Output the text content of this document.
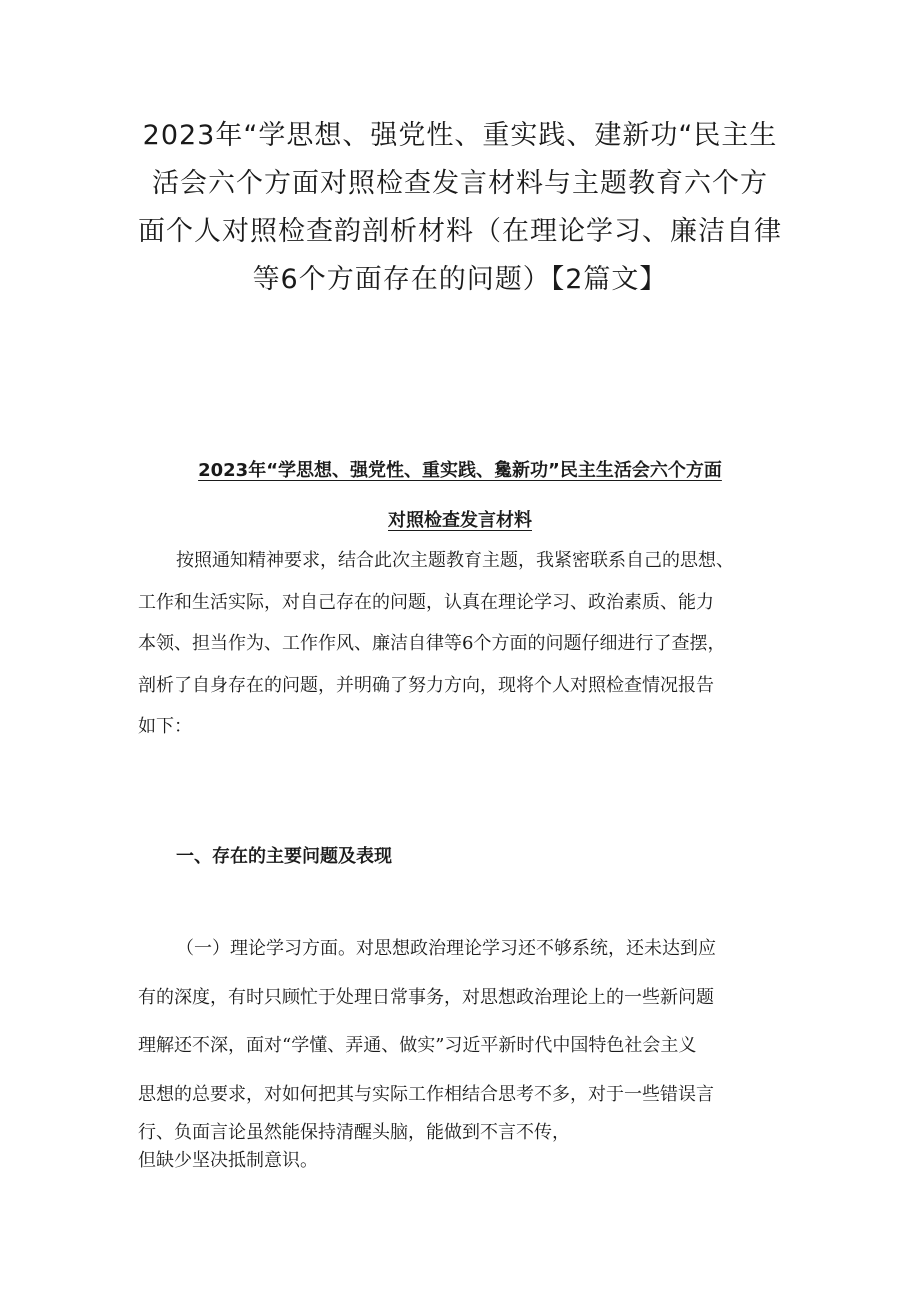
2023年“学思想、强党性、重实践、建新功“民主生
活会六个方面对照检查发言材料与主题教育六个方
面个人对照检查韵剖析材料（在理论学习、廉洁自律
等6个方面存在的问题）【2篇文】
2023年“学思想、强党性、重实践、毚新功”民主生活会六个方面
对照检查发言材料
按照通知精神要求，结合此次主题教育主题，我紧密联系自己的思想、
工作和生活实际，对自己存在的问题，认真在理论学习、政治素质、能力
本领、担当作为、工作作风、廉洁自律等6个方面的问题仔细进行了查摆，
剖析了自身存在的问题，并明确了努力方向，现将个人对照检查情况报告
如下：
一、存在的主要问题及表现
（一）理论学习方面。对思想政治理论学习还不够系统，还未达到应
有的深度，有时只顾忙于处理日常事务，对思想政治理论上的一些新问题
理解还不深，面对“学懂、弄通、做实”习近平新时代中国特色社会主义
思想的总要求，对如何把其与实际工作相结合思考不多，对于一些错误言
行、负面言论虽然能保持清醒头脑，能做到不言不传，
但缺少坚决抵制意识。
